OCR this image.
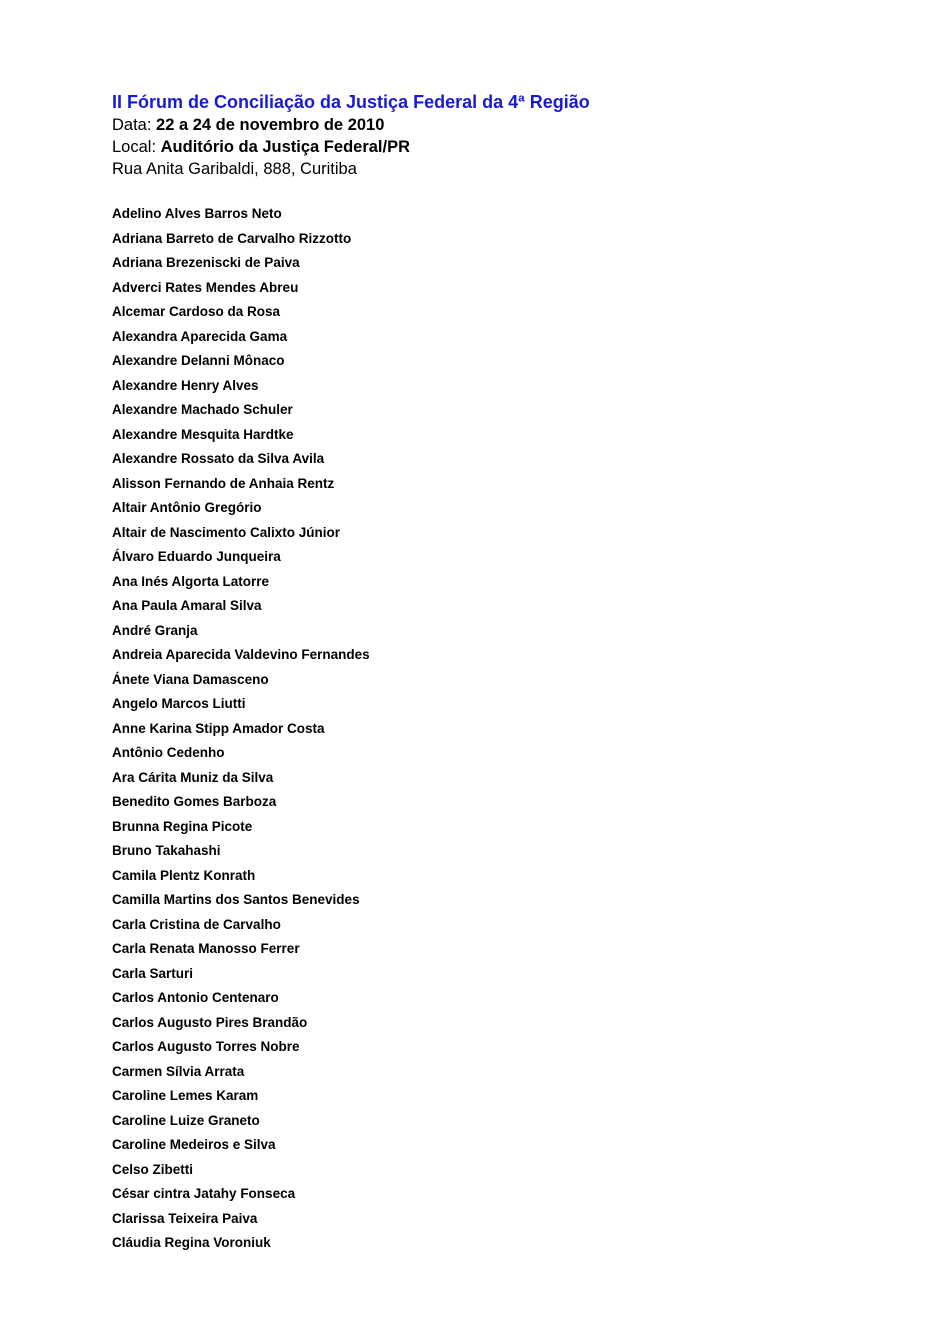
II Fórum de Conciliação da Justiça Federal da 4ª Região

Data: 22 a 24 de novembro de 2010

Local: Auditório da Justiça Federal/PR

Rua Anita Garibaldi, 888, Curitiba

Adelino Alves Barros Neto
Adriana Barreto de Carvalho Rizzotto
Adriana Brezeniscki de Paiva
Adverci Rates Mendes Abreu
Alcemar Cardoso da Rosa
Alexandra Aparecida Gama
Alexandre Delanni Mônaco
Alexandre Henry Alves
Alexandre Machado Schuler
Alexandre Mesquita Hardtke
Alexandre Rossato da Silva Avila
Alisson Fernando de Anhaia Rentz
Altair Antônio Gregório
Altair de Nascimento Calixto Júnior
Álvaro Eduardo Junqueira
Ana Inés Algorta Latorre
Ana Paula Amaral Silva
André Granja
Andreia Aparecida Valdevino Fernandes
Ánete Viana Damasceno
Angelo Marcos Liutti
Anne Karina Stipp Amador Costa
Antônio Cedenho
Ara Cárita Muniz da Silva
Benedito Gomes Barboza
Brunna Regina Picote
Bruno Takahashi
Camila Plentz Konrath
Camilla Martins dos Santos Benevides
Carla Cristina de Carvalho
Carla Renata Manosso Ferrer
Carla Sarturi
Carlos Antonio Centenaro
Carlos Augusto Pires Brandão
Carlos Augusto Torres Nobre
Carmen Sílvia Arrata
Caroline Lemes Karam
Caroline Luize Graneto
Caroline Medeiros e Silva
Celso Zibetti
César cintra Jatahy Fonseca
Clarissa Teixeira Paiva
Cláudia Regina Voroniuk
